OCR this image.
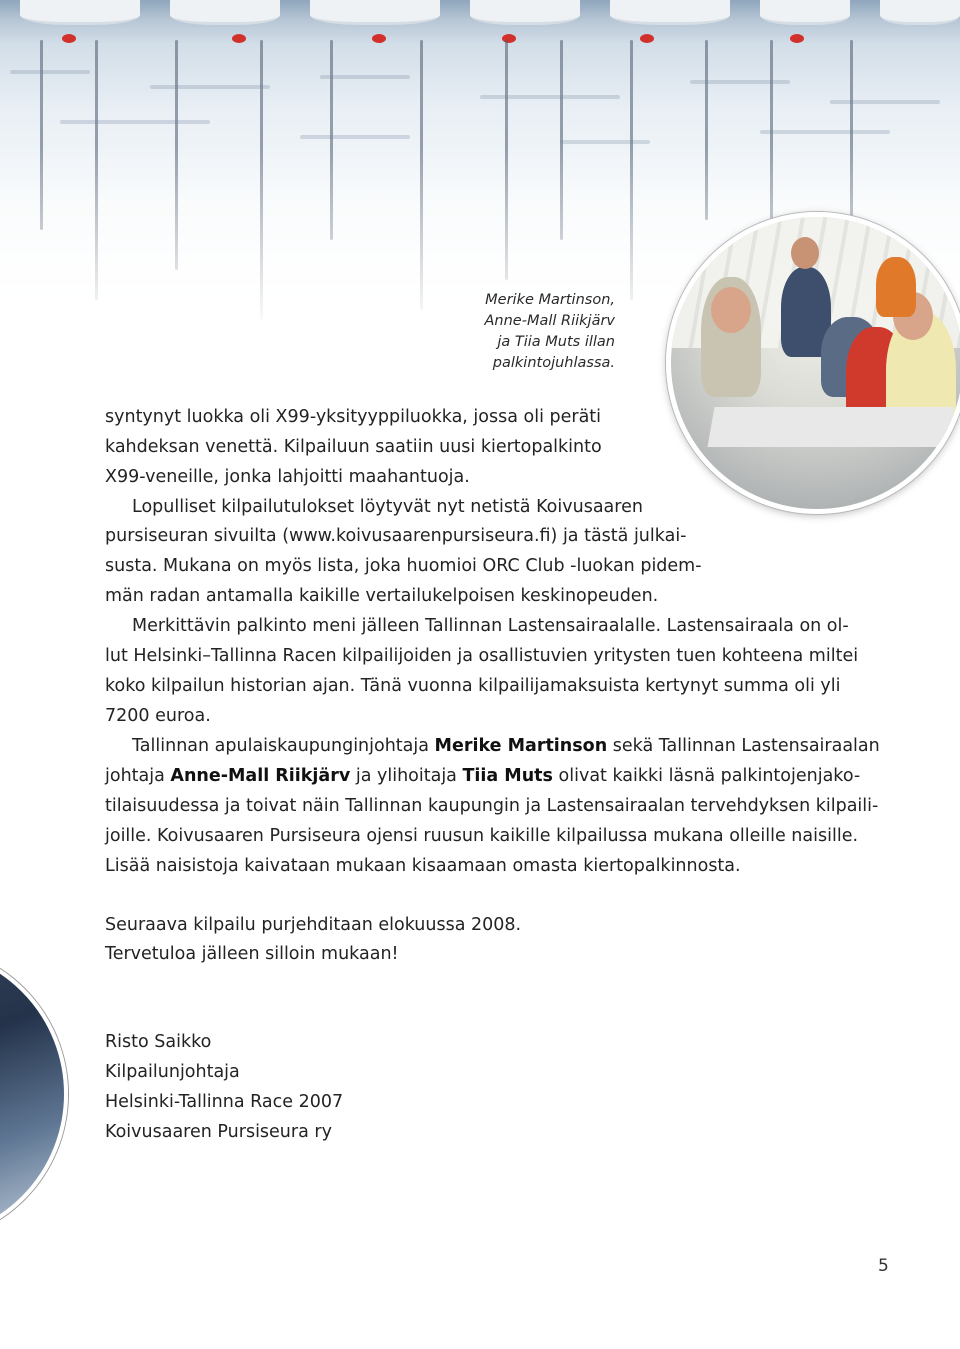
Merike Martinson,
Anne-Mall Riikjärv
ja Tiia Muts illan
palkintojuhlassa.
syntynyt luokka oli X99-yksityyppiluokka, jossa oli peräti
kahdeksan venettä. Kilpailuun saatiin uusi kiertopalkinto
X99-veneille, jonka lahjoitti maahantuoja.
Lopulliset kilpailutulokset löytyvät nyt netistä Koivusaaren
pursiseuran sivuilta (www.koivusaarenpursiseura.fi) ja tästä julkai-
susta. Mukana on myös lista, joka huomioi ORC Club -luokan pidem-
män radan antamalla kaikille vertailukelpoisen keskinopeuden.
Merkittävin palkinto meni jälleen Tallinnan Lastensairaalalle. Lastensairaala on ol-
lut Helsinki–Tallinna Racen kilpailijoiden ja osallistuvien yritysten tuen kohteena miltei
koko kilpailun historian ajan. Tänä vuonna kilpailijamaksuista kertynyt summa oli yli
7200 euroa.
Tallinnan apulaiskaupunginjohtaja Merike Martinson sekä Tallinnan Lastensairaalan
johtaja Anne-Mall Riikjärv ja ylihoitaja Tiia Muts olivat kaikki läsnä palkintojenjako-
tilaisuudessa ja toivat näin Tallinnan kaupungin ja Lastensairaalan tervehdyksen kilpaili-
joille. Koivusaaren Pursiseura ojensi ruusun kaikille kilpailussa mukana olleille naisille.
Lisää naisistoja kaivataan mukaan kisaamaan omasta kiertopalkinnosta.
Seuraava kilpailu purjehditaan elokuussa 2008.
Tervetuloa jälleen silloin mukaan!
Risto Saikko
Kilpailunjohtaja
Helsinki-Tallinna Race 2007
Koivusaaren Pursiseura ry
5
